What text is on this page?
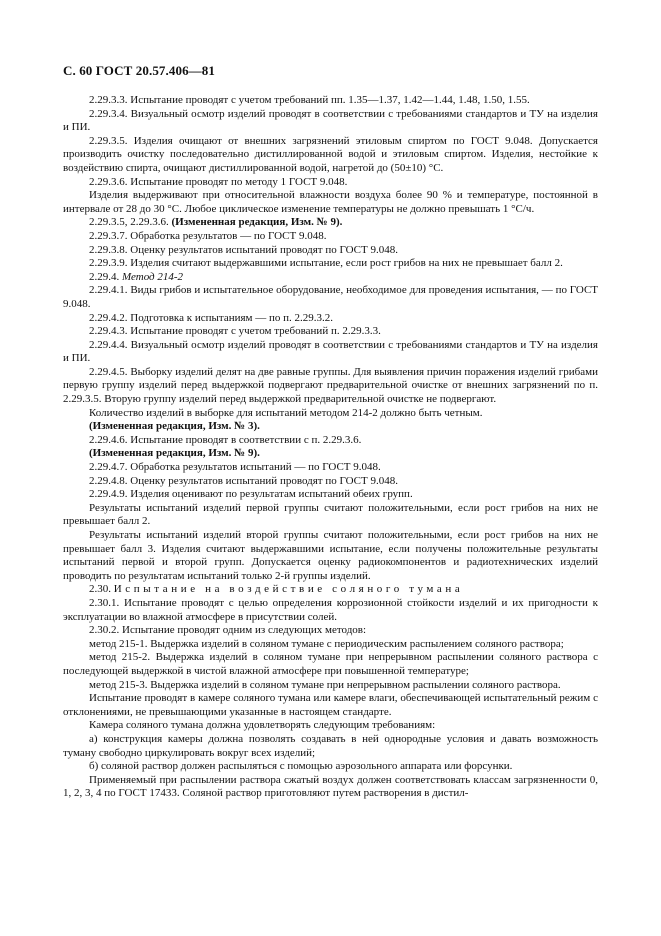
С. 60 ГОСТ 20.57.406—81

2.29.3.3. Испытание проводят с учетом требований пп. 1.35—1.37, 1.42—1.44, 1.48, 1.50, 1.55.

2.29.3.4. Визуальный осмотр изделий проводят в соответствии с требованиями стандартов и ТУ на изделия и ПИ.

2.29.3.5. Изделия очищают от внешних загрязнений этиловым спиртом по ГОСТ 9.048. Допускается производить очистку последовательно дистиллированной водой и этиловым спиртом. Изделия, нестойкие к воздействию спирта, очищают дистиллированной водой, нагретой до (50±10) °С.

2.29.3.6. Испытание проводят по методу 1 ГОСТ 9.048.

Изделия выдерживают при относительной влажности воздуха более 90 % и температуре, постоянной в интервале от 28 до 30 °С. Любое циклическое изменение температуры не должно превышать 1 °С/ч.

2.29.3.5, 2.29.3.6. (Измененная редакция, Изм. № 9).

2.29.3.7. Обработка результатов — по ГОСТ 9.048.

2.29.3.8. Оценку результатов испытаний проводят по ГОСТ 9.048.

2.29.3.9. Изделия считают выдержавшими испытание, если рост грибов на них не превышает балл 2.

2.29.4. Метод 214-2

2.29.4.1. Виды грибов и испытательное оборудование, необходимое для проведения испытания, — по ГОСТ 9.048.

2.29.4.2. Подготовка к испытаниям — по п. 2.29.3.2.

2.29.4.3. Испытание проводят с учетом требований п. 2.29.3.3.

2.29.4.4. Визуальный осмотр изделий проводят в соответствии с требованиями стандартов и ТУ на изделия и ПИ.

2.29.4.5. Выборку изделий делят на две равные группы. Для выявления причин поражения изделий грибами первую группу изделий перед выдержкой подвергают предварительной очистке от внешних загрязнений по п. 2.29.3.5. Вторую группу изделий перед выдержкой предварительной очистке не подвергают.

Количество изделий в выборке для испытаний методом 214-2 должно быть четным.

(Измененная редакция, Изм. № 3).

2.29.4.6. Испытание проводят в соответствии с п. 2.29.3.6.

(Измененная редакция, Изм. № 9).

2.29.4.7. Обработка результатов испытаний — по ГОСТ 9.048.

2.29.4.8. Оценку результатов испытаний проводят по ГОСТ 9.048.

2.29.4.9. Изделия оценивают по результатам испытаний обеих групп.

Результаты испытаний изделий первой группы считают положительными, если рост грибов на них не превышает балл 2.

Результаты испытаний изделий второй группы считают положительными, если рост грибов на них не превышает балл 3. Изделия считают выдержавшими испытание, если получены положительные результаты испытаний первой и второй групп. Допускается оценку радиокомпонентов и радиотехнических изделий проводить по результатам испытаний только 2-й группы изделий.

2.30. Испытание на воздействие соляного тумана

2.30.1. Испытание проводят с целью определения коррозионной стойкости изделий и их пригодности к эксплуатации во влажной атмосфере в присутствии солей.

2.30.2. Испытание проводят одним из следующих методов:

метод 215-1. Выдержка изделий в соляном тумане с периодическим распылением соляного раствора;

метод 215-2. Выдержка изделий в соляном тумане при непрерывном распылении соляного раствора с последующей выдержкой в чистой влажной атмосфере при повышенной температуре;

метод 215-3. Выдержка изделий в соляном тумане при непрерывном распылении соляного раствора.

Испытание проводят в камере соляного тумана или камере влаги, обеспечивающей испытательный режим с отклонениями, не превышающими указанные в настоящем стандарте.

Камера соляного тумана должна удовлетворять следующим требованиям:

а) конструкция камеры должна позволять создавать в ней однородные условия и давать возможность туману свободно циркулировать вокруг всех изделий;

б) соляной раствор должен распыляться с помощью аэрозольного аппарата или форсунки.

Применяемый при распылении раствора сжатый воздух должен соответствовать классам загрязненности 0, 1, 2, 3, 4 по ГОСТ 17433. Соляной раствор приготовляют путем растворения в дистил-
